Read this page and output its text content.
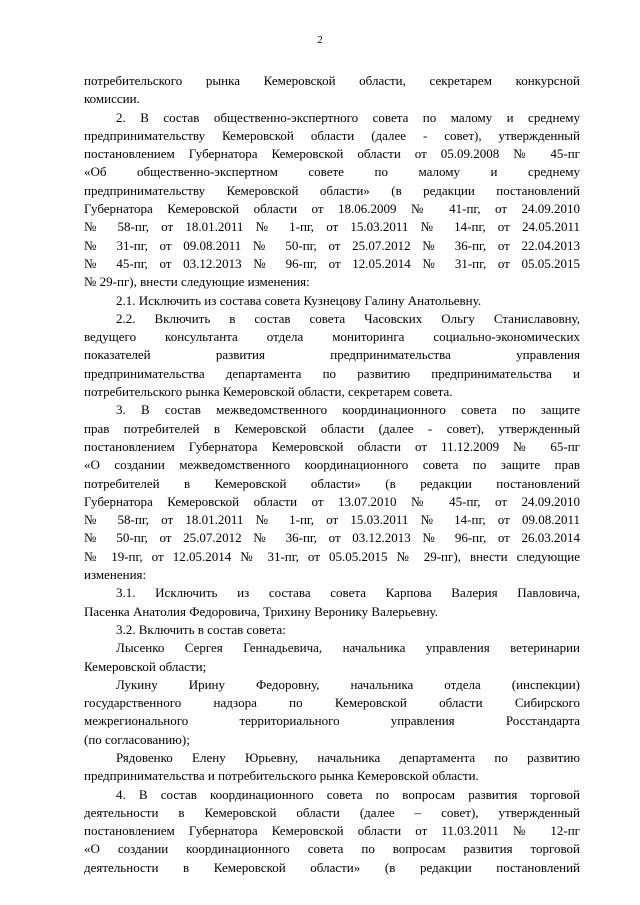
2
потребительского рынка Кемеровской области, секретарем конкурсной
комиссии.
2. В состав общественно-экспертного совета по малому и среднему
предпринимательству Кемеровской области (далее - совет), утвержденный
постановлением Губернатора Кемеровской области от 05.09.2008 № 45-пг
«Об общественно-экспертном совете по малому и среднему
предпринимательству Кемеровской области» (в редакции постановлений
Губернатора Кемеровской области от 18.06.2009 № 41-пг, от 24.09.2010
№ 58-пг, от 18.01.2011 № 1-пг, от 15.03.2011 № 14-пг, от 24.05.2011
№ 31-пг, от 09.08.2011 № 50-пг, от 25.07.2012 № 36-пг, от 22.04.2013
№ 45-пг, от 03.12.2013 № 96-пг, от 12.05.2014 № 31-пг, от 05.05.2015
№ 29-пг), внести следующие изменения:
2.1. Исключить из состава совета Кузнецову Галину Анатольевну.
2.2. Включить в состав совета Часовских Ольгу Станиславовну,
ведущего консультанта отдела мониторинга социально-экономических
показателей развития предпринимательства управления
предпринимательства департамента по развитию предпринимательства и
потребительского рынка Кемеровской области, секретарем совета.
3. В состав межведомственного координационного совета по защите
прав потребителей в Кемеровской области (далее - совет), утвержденный
постановлением Губернатора Кемеровской области от 11.12.2009 № 65-пг
«О создании межведомственного координационного совета по защите прав
потребителей в Кемеровской области» (в редакции постановлений
Губернатора Кемеровской области от 13.07.2010 № 45-пг, от 24.09.2010
№ 58-пг, от 18.01.2011 № 1-пг, от 15.03.2011 № 14-пг, от 09.08.2011
№ 50-пг, от 25.07.2012 № 36-пг, от 03.12.2013 № 96-пг, от 26.03.2014
№ 19-пг, от 12.05.2014 № 31-пг, от 05.05.2015 № 29-пг), внести следующие
изменения:
3.1. Исключить из состава совета Карпова Валерия Павловича,
Пасенка Анатолия Федоровича, Трихину Веронику Валерьевну.
3.2. Включить в состав совета:
Лысенко Сергея Геннадьевича, начальника управления ветеринарии
Кемеровской области;
Лукину Ирину Федоровну, начальника отдела (инспекции)
государственного надзора по Кемеровской области Сибирского
межрегионального территориального управления Росстандарта
(по согласованию);
Рядовенко Елену Юрьевну, начальника департамента по развитию
предпринимательства и потребительского рынка Кемеровской области.
4. В состав координационного совета по вопросам развития торговой
деятельности в Кемеровской области (далее – совет), утвержденный
постановлением Губернатора Кемеровской области от 11.03.2011 № 12-пг
«О создании координационного совета по вопросам развития торговой
деятельности в Кемеровской области» (в редакции постановлений
